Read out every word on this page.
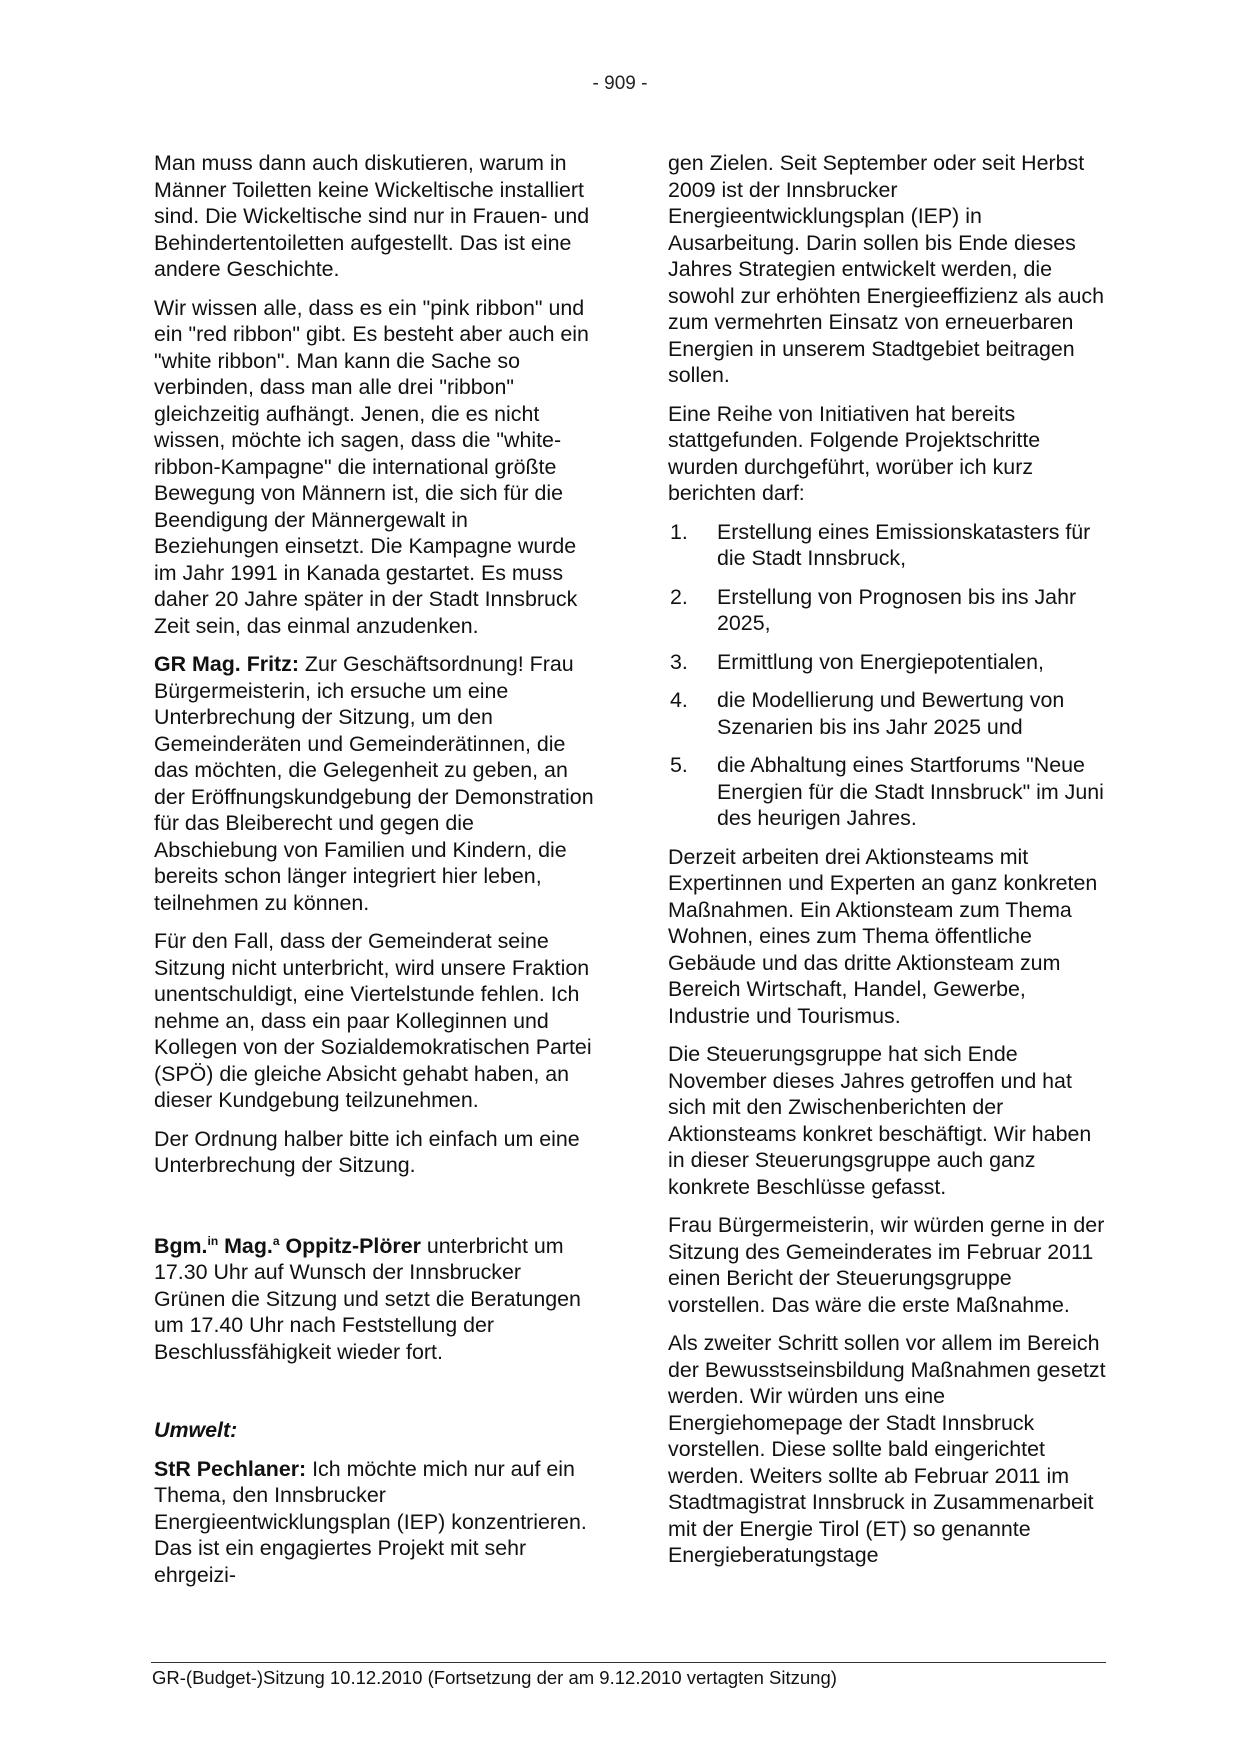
- 909 -

Man muss dann auch diskutieren, warum in Männer Toiletten keine Wickeltische installiert sind. Die Wickeltische sind nur in Frauen- und Behindertentoiletten aufgestellt. Das ist eine andere Geschichte.

Wir wissen alle, dass es ein "pink ribbon" und ein "red ribbon" gibt. Es besteht aber auch ein "white ribbon". Man kann die Sache so verbinden, dass man alle drei "ribbon" gleichzeitig aufhängt. Jenen, die es nicht wissen, möchte ich sagen, dass die "white-ribbon-Kampagne" die international größte Bewegung von Männern ist, die sich für die Beendigung der Männergewalt in Beziehungen einsetzt. Die Kampagne wurde im Jahr 1991 in Kanada gestartet. Es muss daher 20 Jahre später in der Stadt Innsbruck Zeit sein, das einmal anzudenken.

GR Mag. Fritz: Zur Geschäftsordnung! Frau Bürgermeisterin, ich ersuche um eine Unterbrechung der Sitzung, um den Gemeinderäten und Gemeinderätinnen, die das möchten, die Gelegenheit zu geben, an der Eröffnungskundgebung der Demonstration für das Bleiberecht und gegen die Abschiebung von Familien und Kindern, die bereits schon länger integriert hier leben, teilnehmen zu können.

Für den Fall, dass der Gemeinderat seine Sitzung nicht unterbricht, wird unsere Fraktion unentschuldigt, eine Viertelstunde fehlen. Ich nehme an, dass ein paar Kolleginnen und Kollegen von der Sozialdemokratischen Partei (SPÖ) die gleiche Absicht gehabt haben, an dieser Kundgebung teilzunehmen.

Der Ordnung halber bitte ich einfach um eine Unterbrechung der Sitzung.

Bgm.$^{in}$ Mag.$^a$ Oppitz-Plörer unterbricht um 17.30 Uhr auf Wunsch der Innsbrucker Grünen die Sitzung und setzt die Beratungen um 17.40 Uhr nach Feststellung der Beschlussfähigkeit wieder fort.

Umwelt:

StR Pechlaner: Ich möchte mich nur auf ein Thema, den Innsbrucker Energieentwicklungsplan (IEP) konzentrieren. Das ist ein engagiertes Projekt mit sehr ehrgeizi-

gen Zielen. Seit September oder seit Herbst 2009 ist der Innsbrucker Energieentwicklungsplan (IEP) in Ausarbeitung. Darin sollen bis Ende dieses Jahres Strategien entwickelt werden, die sowohl zur erhöhten Energieeffizienz als auch zum vermehrten Einsatz von erneuerbaren Energien in unserem Stadtgebiet beitragen sollen.

Eine Reihe von Initiativen hat bereits stattgefunden. Folgende Projektschritte wurden durchgeführt, worüber ich kurz berichten darf:

1.	Erstellung eines Emissionskatasters für die Stadt Innsbruck,
2.	Erstellung von Prognosen bis ins Jahr 2025,
3.	Ermittlung von Energiepotentialen,
4.	die Modellierung und Bewertung von Szenarien bis ins Jahr 2025 und
5.	die Abhaltung eines Startforums "Neue Energien für die Stadt Innsbruck" im Juni des heurigen Jahres.

Derzeit arbeiten drei Aktionsteams mit Expertinnen und Experten an ganz konkreten Maßnahmen. Ein Aktionsteam zum Thema Wohnen, eines zum Thema öffentliche Gebäude und das dritte Aktionsteam zum Bereich Wirtschaft, Handel, Gewerbe, Industrie und Tourismus.

Die Steuerungsgruppe hat sich Ende November dieses Jahres getroffen und hat sich mit den Zwischenberichten der Aktionsteams konkret beschäftigt. Wir haben in dieser Steuerungsgruppe auch ganz konkrete Beschlüsse gefasst.

Frau Bürgermeisterin, wir würden gerne in der Sitzung des Gemeinderates im Februar 2011 einen Bericht der Steuerungsgruppe vorstellen. Das wäre die erste Maßnahme.

Als zweiter Schritt sollen vor allem im Bereich der Bewusstseinsbildung Maßnahmen gesetzt werden. Wir würden uns eine Energiehomepage der Stadt Innsbruck vorstellen. Diese sollte bald eingerichtet werden. Weiters sollte ab Februar 2011 im Stadtmagistrat Innsbruck in Zusammenarbeit mit der Energie Tirol (ET) so genannte Energieberatungstage

GR-(Budget-)Sitzung 10.12.2010 (Fortsetzung der am 9.12.2010 vertagten Sitzung)
